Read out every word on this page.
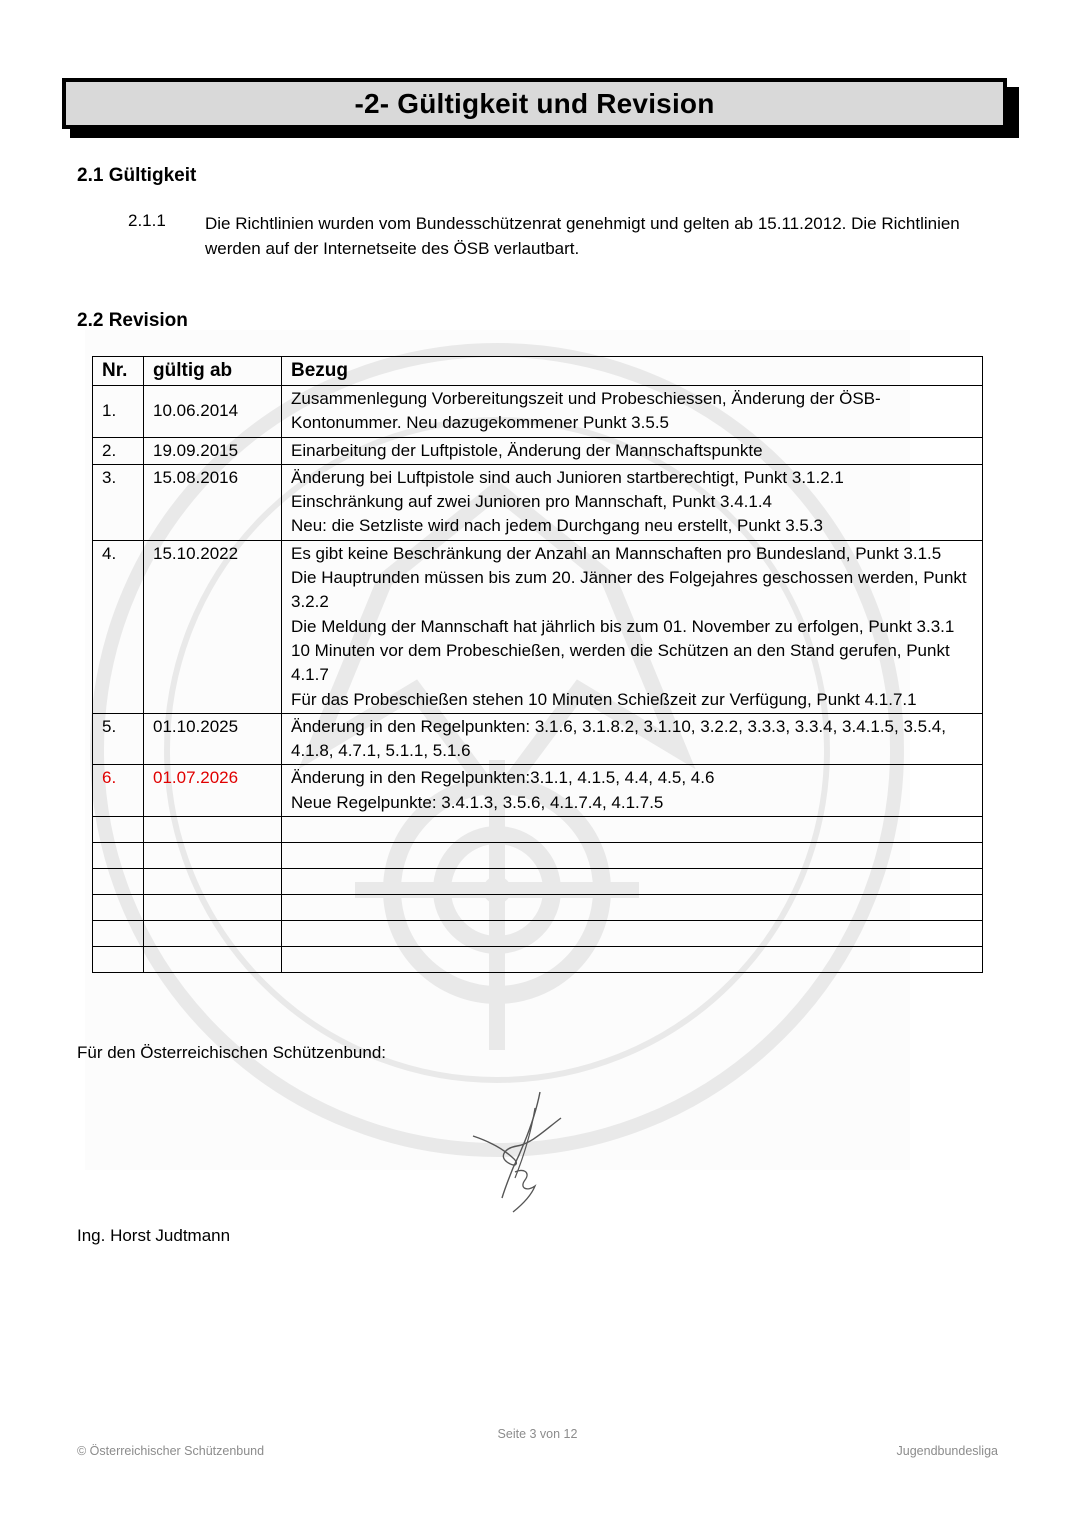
-2- Gültigkeit und Revision
2.1 Gültigkeit
2.1.1 Die Richtlinien wurden vom Bundesschützenrat genehmigt und gelten ab 15.11.2012. Die Richtlinien werden auf der Internetseite des ÖSB verlautbart.
2.2 Revision
Nr.	gültig ab	Bezug
1.	10.06.2014	Zusammenlegung Vorbereitungszeit und Probeschiessen, Änderung der ÖSB-Kontonummer. Neu dazugekommener Punkt 3.5.5

2.	19.09.2015	Einarbeitung der Luftpistole, Änderung der Mannschaftspunkte

3.	15.08.2016	Änderung bei Luftpistole sind auch Junioren startberechtigt, Punkt 3.1.2.1
Einschränkung auf zwei Junioren pro Mannschaft, Punkt 3.4.1.4
Neu: die Setzliste wird nach jedem Durchgang neu erstellt, Punkt 3.5.3

4.	15.10.2022	Es gibt keine Beschränkung der Anzahl an Mannschaften pro Bundesland, Punkt 3.1.5
Die Hauptrunden müssen bis zum 20. Jänner des Folgejahres geschossen werden, Punkt 3.2.2
Die Meldung der Mannschaft hat jährlich bis zum 01. November zu erfolgen, Punkt 3.3.1
10 Minuten vor dem Probeschießen, werden die Schützen an den Stand gerufen, Punkt 4.1.7
Für das Probeschießen stehen 10 Minuten Schießzeit zur Verfügung, Punkt 4.1.7.1

5.	01.10.2025	Änderung in den Regelpunkten: 3.1.6, 3.1.8.2, 3.1.10, 3.2.2, 3.3.3, 3.3.4, 3.4.1.5, 3.5.4, 4.1.8, 4.7.1, 5.1.1, 5.1.6

6.	01.07.2026	Änderung in den Regelpunkten:3.1.1, 4.1.5, 4.4, 4.5, 4.6
Neue Regelpunkte: 3.4.1.3, 3.5.6, 4.1.7.4, 4.1.7.5

Für den Österreichischen Schützenbund:
Ing. Horst Judtmann
Seite 3 von 12
© Österreichischer Schützenbund	Jugendbundesliga
